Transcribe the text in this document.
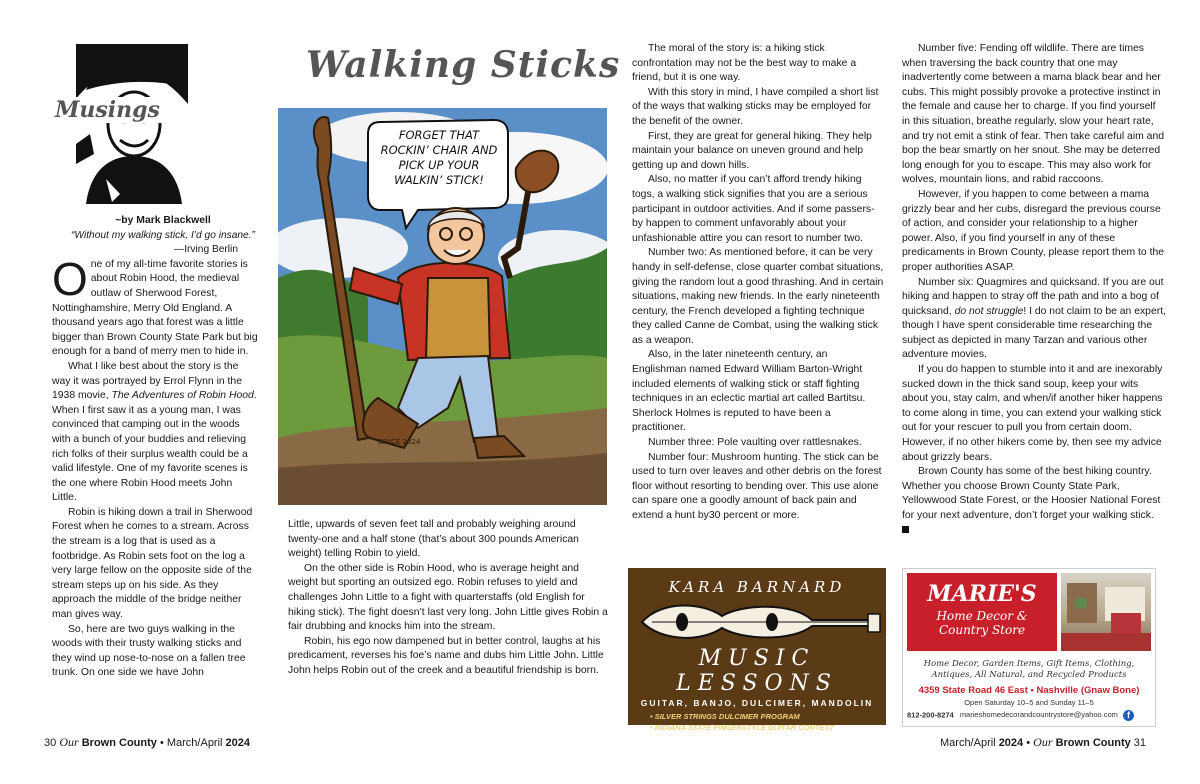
Musings

~by Mark Blackwell

“Without my walking stick, I’d go insane.”

—Irving Berlin

One of my all-time favorite stories is about Robin Hood, the medieval outlaw of Sherwood Forest, Nottinghamshire, Merry Old England. A thousand years ago that forest was a little bigger than Brown County State Park but big enough for a band of merry men to hide in.

What I like best about the story is the way it was portrayed by Errol Flynn in the 1938 movie, The Adventures of Robin Hood. When I first saw it as a young man, I was convinced that camping out in the woods with a bunch of your buddies and relieving rich folks of their surplus wealth could be a valid lifestyle. One of my favorite scenes is the one where Robin Hood meets John Little.

Robin is hiking down a trail in Sherwood Forest when he comes to a stream. Across the stream is a log that is used as a footbridge. As Robin sets foot on the log a very large fellow on the opposite side of the stream steps up on his side. As they approach the middle of the bridge neither man gives way.

So, here are two guys walking in the woods with their trusty walking sticks and they wind up nose-to-nose on a fallen tree trunk. On one side we have John

Walking Sticks
FORGET THAT ROCKIN’ CHAIR AND PICK UP YOUR WALKIN’ STICK!
BRYCE 2024

Little, upwards of seven feet tall and probably weighing around twenty-one and a half stone (that’s about 300 pounds American weight) telling Robin to yield.

On the other side is Robin Hood, who is average height and weight but sporting an outsized ego. Robin refuses to yield and challenges John Little to a fight with quarterstaffs (old English for hiking stick). The fight doesn’t last very long. John Little gives Robin a fair drubbing and knocks him into the stream.

Robin, his ego now dampened but in better control, laughs at his predicament, reverses his foe’s name and dubs him Little John. Little John helps Robin out of the creek and a beautiful friendship is born.

The moral of the story is: a hiking stick confrontation may not be the best way to make a friend, but it is one way.

With this story in mind, I have compiled a short list of the ways that walking sticks may be employed for the benefit of the owner.

First, they are great for general hiking. They help maintain your balance on uneven ground and help getting up and down hills.

Also, no matter if you can’t afford trendy hiking togs, a walking stick signifies that you are a serious participant in outdoor activities. And if some passers-by happen to comment unfavorably about your unfashionable attire you can resort to number two.

Number two: As mentioned before, it can be very handy in self-defense, close quarter combat situations, giving the random lout a good thrashing. And in certain situations, making new friends. In the early nineteenth century, the French developed a fighting technique they called Canne de Combat, using the walking stick as a weapon.

Also, in the later nineteenth century, an Englishman named Edward William Barton-Wright included elements of walking stick or staff fighting techniques in an eclectic martial art called Bartitsu. Sherlock Holmes is reputed to have been a practitioner.

Number three: Pole vaulting over rattlesnakes.

Number four: Mushroom hunting. The stick can be used to turn over leaves and other debris on the forest floor without resorting to bending over. This use alone can spare one a goodly amount of back pain and extend a hunt by30 percent or more.

Number five: Fending off wildlife. There are times when traversing the back country that one may inadvertently come between a mama black bear and her cubs. This might possibly provoke a protective instinct in the female and cause her to charge. If you find yourself in this situation, breathe regularly, slow your heart rate, and try not emit a stink of fear. Then take careful aim and bop the bear smartly on her snout. She may be deterred long enough for you to escape. This may also work for wolves, mountain lions, and rabid raccoons.

However, if you happen to come between a mama grizzly bear and her cubs, disregard the previous course of action, and consider your relationship to a higher power. Also, if you find yourself in any of these predicaments in Brown County, please report them to the proper authorities ASAP.

Number six: Quagmires and quicksand. If you are out hiking and happen to stray off the path and into a bog of quicksand, do not struggle! I do not claim to be an expert, though I have spent considerable time researching the subject as depicted in many Tarzan and various other adventure movies.

If you do happen to stumble into it and are inexorably sucked down in the thick sand soup, keep your wits about you, stay calm, and when/if another hiker happens to come along in time, you can extend your walking stick out for your rescuer to pull you from certain doom. However, if no other hikers come by, then see my advice about grizzly bears.

Brown County has some of the best hiking country. Whether you choose Brown County State Park, Yellowwood State Forest, or the Hoosier National Forest for your next adventure, don’t forget your walking stick.

KARA BARNARD
MUSIC LESSONS
GUITAR, BANJO, DULCIMER, MANDOLIN
• SILVER STRINGS DULCIMER PROGRAM
• INDIANA STATE FINGERSTYLE GUITAR CONTEST
VISIT KARABARNARD.COM
MARIE'S
Home Decor & Country Store
Home Decor, Garden Items, Gift Items, Clothing, Antiques, All Natural, and Recycled Products
4359 State Road 46 East • Nashville (Gnaw Bone)
Open Saturday 10–5 and Sunday 11–5
812-200-8274 marieshomedecorandcountrystore@yahoo.com f
30 Our Brown County • March/April 2024	March/April 2024 • Our Brown County 31
